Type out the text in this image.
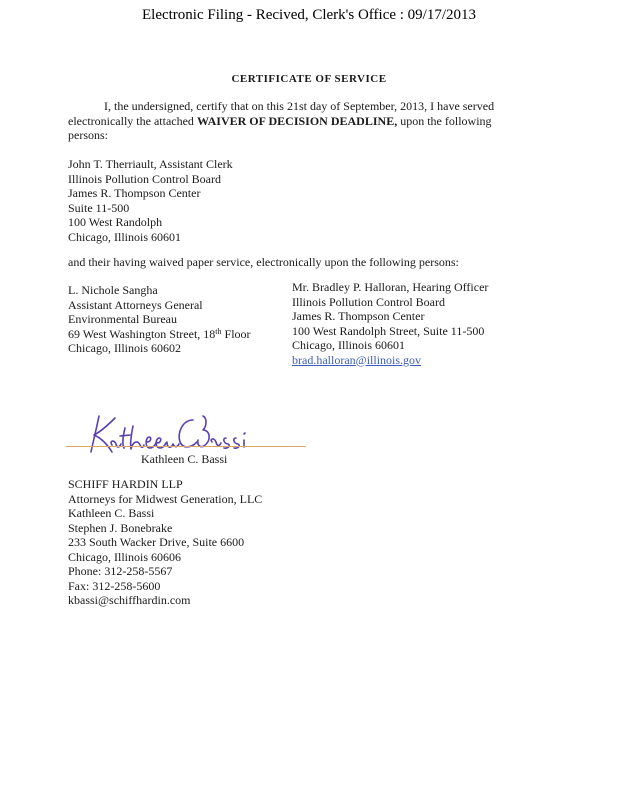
Electronic Filing - Recived, Clerk's Office : 09/17/2013
CERTIFICATE OF SERVICE
I, the undersigned, certify that on this 21st day of September, 2013, I have served electronically the attached WAIVER OF DECISION DEADLINE, upon the following persons:
John T. Therriault, Assistant Clerk
Illinois Pollution Control Board
James R. Thompson Center
Suite 11-500
100 West Randolph
Chicago, Illinois 60601
and their having waived paper service, electronically upon the following persons:
L. Nichole Sangha
Assistant Attorneys General
Environmental Bureau
69 West Washington Street, 18th Floor
Chicago, Illinois 60602
Mr. Bradley P. Halloran, Hearing Officer
Illinois Pollution Control Board
James R. Thompson Center
100 West Randolph Street, Suite 11-500
Chicago, Illinois 60601
brad.halloran@illinois.gov
Kathleen C. Bassi
SCHIFF HARDIN LLP
Attorneys for Midwest Generation, LLC
Kathleen C. Bassi
Stephen J. Bonebrake
233 South Wacker Drive, Suite 6600
Chicago, Illinois 60606
Phone: 312-258-5567
Fax: 312-258-5600
kbassi@schiffhardin.com
